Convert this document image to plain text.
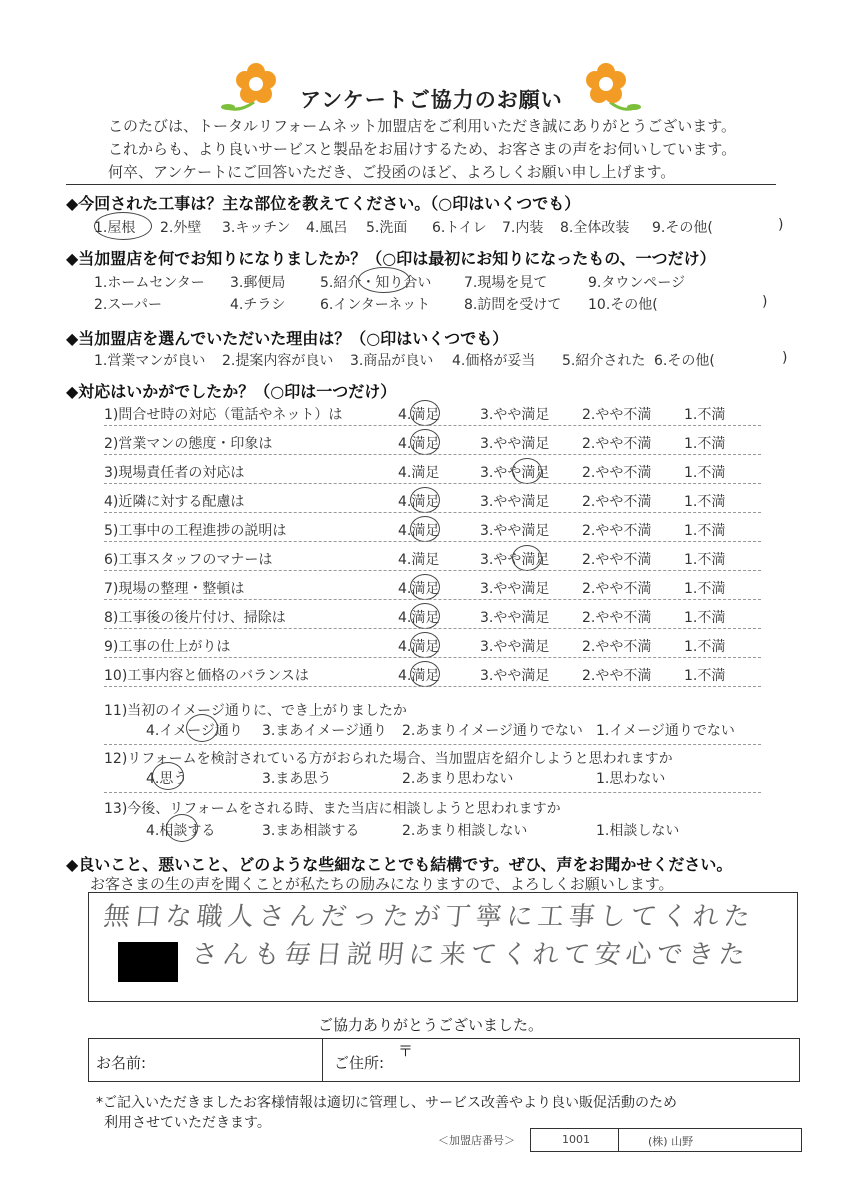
アンケートご協力のお願い
このたびは、トータルリフォームネット加盟店をご利用いただき誠にありがとうございます。
これからも、より良いサービスと製品をお届けするため、お客さまの声をお伺いしています。
何卒、アンケートにご回答いただき、ご投函のほど、よろしくお願い申し上げます。
◆今回された工事は？主な部位を教えてください。（○印はいくつでも）
1.屋根 2.外壁 3.キッチン 4.風呂 5.洗面 6.トイレ 7.内装 8.全体改装 9.その他(	)
◆当加盟店を何でお知りになりましたか？（○印は最初にお知りになったもの、一つだけ）
1.ホームセンター 3.郵便局 5.紹介・知り合い 7.現場を見て	9.タウンページ
2.スーパー	4.チラシ 6.インターネット 8.訪問を受けて 10.その他(	)
◆当加盟店を選んでいただいた理由は？（○印はいくつでも）
1.営業マンが良い 2.提案内容が良い 3.商品が良い 4.価格が妥当 5.紹介された 6.その他(	)
◆対応はいかがでしたか？（○印は一つだけ）
1)問合せ時の対応（電話やネット）は	4.満足	3.やや満足 2.やや不満 1.不満
2)営業マンの態度・印象は	4.満足	3.やや満足 2.やや不満 1.不満
3)現場責任者の対応は	4.満足	3.やや満足 2.やや不満 1.不満
4)近隣に対する配慮は	4.満足	3.やや満足 2.やや不満 1.不満
5)工事中の工程進捗の説明は	4.満足	3.やや満足 2.やや不満 1.不満
6)工事スタッフのマナーは	4.満足	3.やや満足 2.やや不満 1.不満
7)現場の整理・整頓は	4.満足	3.やや満足 2.やや不満 1.不満
8)工事後の後片付け、掃除は	4.満足	3.やや満足 2.やや不満 1.不満
9)工事の仕上がりは	4.満足	3.やや満足 2.やや不満 1.不満
10)工事内容と価格のバランスは	4.満足	3.やや満足 2.やや不満 1.不満
11)当初のイメージ通りに、でき上がりましたか
4.イメージ通り 3.まあイメージ通り 2.あまりイメージ通りでない 1.イメージ通りでない
12)リフォームを検討されている方がおられた場合、当加盟店を紹介しようと思われますか
4.思う	3.まあ思う	2.あまり思わない	1.思わない
13)今後、リフォームをされる時、また当店に相談しようと思われますか
4.相談する	3.まあ相談する	2.あまり相談しない	1.相談しない
◆良いこと、悪いこと、どのような些細なことでも結構です。ぜひ、声をお聞かせください。
お客さまの生の声を聞くことが私たちの励みになりますので、よろしくお願いします。
無口な職人さんだったが丁寧に工事してくれた
さんも毎日説明に来てくれて安心できた
ご協力ありがとうございました。
お名前:	ご住所:
〒
*ご記入いただきましたお客様情報は適切に管理し、サービス改善やより良い販促活動のため
利用させていただきます。
＜加盟店番号＞	1001	(株) 山野
